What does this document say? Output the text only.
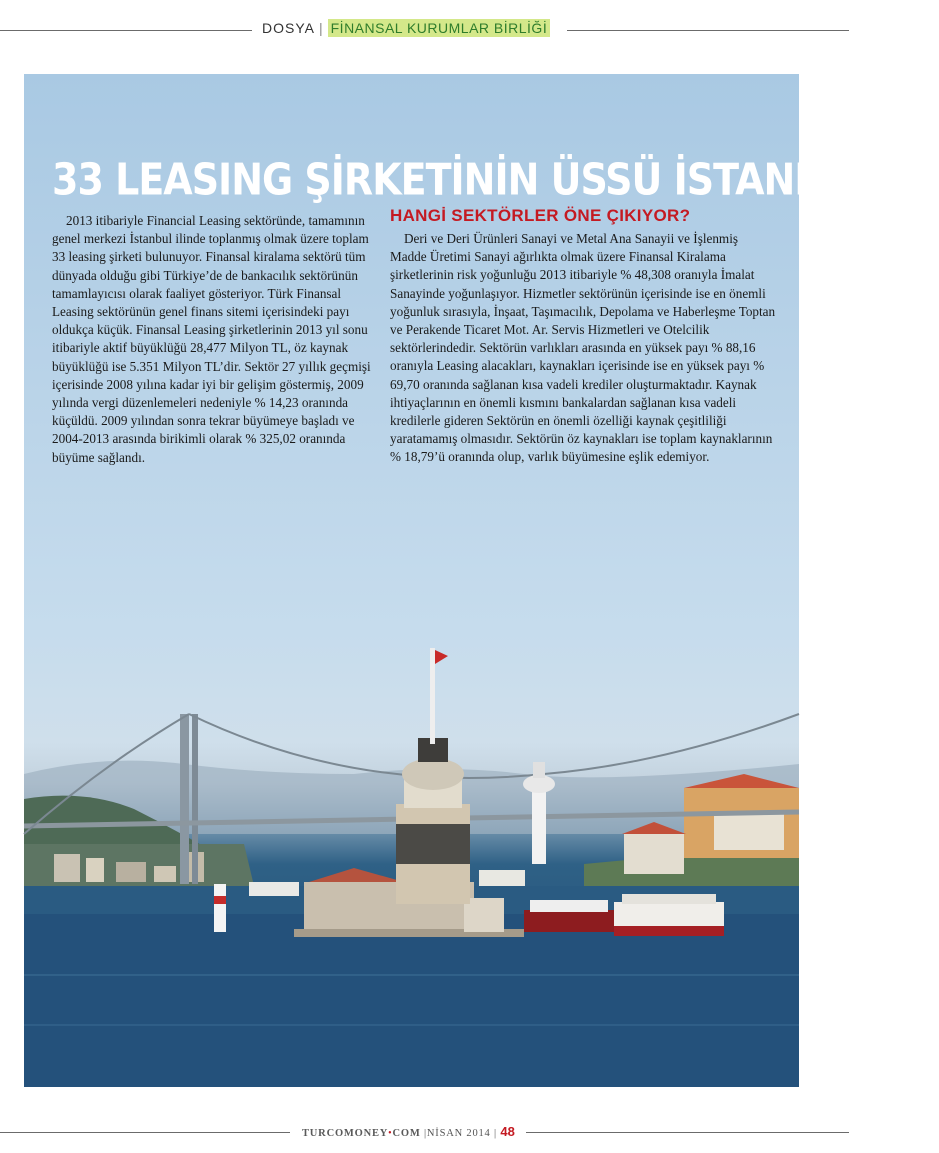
DOSYA | FİNANSAL KURUMLAR BİRLİĞİ
33 LEASING ŞİRKETİNİN ÜSSÜ İSTANBUL’DA

2013 itibariyle Financial Leasing sektöründe, tamamının genel merkezi İstanbul ilinde toplanmış olmak üzere toplam 33 leasing şirketi bulunuyor. Finansal kiralama sektörü tüm dünyada olduğu gibi Türkiye’de de bankacılık sektörünün tamamlayıcısı olarak faaliyet gösteriyor. Türk Finansal Leasing sektörünün genel finans sitemi içerisindeki payı oldukça küçük. Finansal Leasing şirketlerinin 2013 yıl sonu itibariyle aktif büyüklüğü 28,477 Milyon TL, öz kaynak büyüklüğü ise 5.351 Milyon TL’dir. Sektör 27 yıllık geçmişi içerisinde 2008 yılına kadar iyi bir gelişim göstermiş, 2009 yılında vergi düzenlemeleri nedeniyle % 14,23 oranında küçüldü. 2009 yılından sonra tekrar büyümeye başladı ve 2004-2013 arasında birikimli olarak % 325,02 oranında büyüme sağlandı.

HANGİ SEKTÖRLER ÖNE ÇIKIYOR?

Deri ve Deri Ürünleri Sanayi ve Metal Ana Sanayii ve İşlenmiş Madde Üretimi Sanayi ağırlıkta olmak üzere Finansal Kiralama şirketlerinin risk yoğunluğu 2013 itibariyle % 48,308 oranıyla İmalat Sanayinde yoğunlaşıyor. Hizmetler sektörünün içerisinde ise en önemli yoğunluk sırasıyla, İnşaat, Taşımacılık, Depolama ve Haberleşme Toptan ve Perakende Ticaret Mot. Ar. Servis Hizmetleri ve Otelcilik sektörlerindedir. Sektörün varlıkları arasında en yüksek payı % 88,16 oranıyla Leasing alacakları, kaynakları içerisinde ise en yüksek payı % 69,70 oranında sağlanan kısa vadeli krediler oluşturmaktadır. Kaynak ihtiyaçlarının en önemli kısmını bankalardan sağlanan kısa vadeli kredilerle gideren Sektörün en önemli özelliği kaynak çeşitliliği yaratamamış olmasıdır. Sektörün öz kaynakları ise toplam kaynaklarının % 18,79’ü oranında olup, varlık büyümesine eşlik edemiyor.

TURCOMONEY•COM |NİSAN 2014 | 48
